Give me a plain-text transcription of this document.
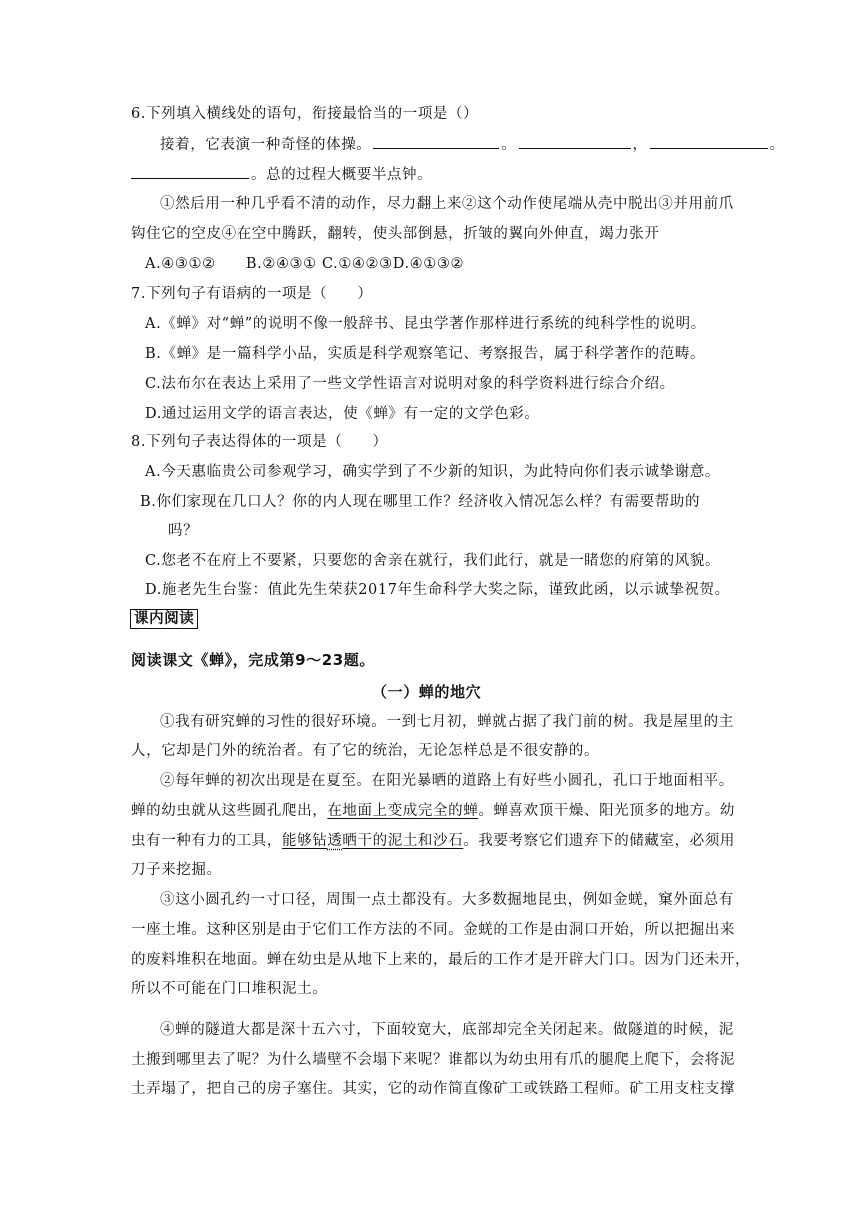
6.下列填入横线处的语句，衔接最恰当的一项是（）
接着，它表演一种奇怪的体操。	。	，	。
。总的过程大概要半点钟。
①然后用一种几乎看不清的动作，尽力翻上来②这个动作使尾端从壳中脱出③并用前爪
钩住它的空皮④在空中腾跃，翻转，使头部倒悬，折皱的翼向外伸直，竭力张开
A.④③①②　　B.②④③① C.①④②③D.④①③②
7.下列句子有语病的一项是（　　）
A.《蝉》对“蝉”的说明不像一般辞书、昆虫学著作那样进行系统的纯科学性的说明。
B.《蝉》是一篇科学小品，实质是科学观察笔记、考察报告，属于科学著作的范畴。
C.法布尔在表达上采用了一些文学性语言对说明对象的科学资料进行综合介绍。
D.通过运用文学的语言表达，使《蝉》有一定的文学色彩。
8.下列句子表达得体的一项是（　　）
A.今天惠临贵公司参观学习，确实学到了不少新的知识，为此特向你们表示诚挚谢意。
B.你们家现在几口人？你的内人现在哪里工作？经济收入情况怎么样？有需要帮助的
吗？
C.您老不在府上不要紧，只要您的舍亲在就行，我们此行，就是一睹您的府第的风貌。
D.施老先生台鉴：值此先生荣获2017年生命科学大奖之际，谨致此函，以示诚挚祝贺。
课内阅读
阅读课文《蝉》，完成第9～23题。
（一）蝉的地穴
①我有研究蝉的习性的很好环境。一到七月初，蝉就占据了我门前的树。我是屋里的主
人，它却是门外的统治者。有了它的统治，无论怎样总是不很安静的。
②每年蝉的初次出现是在夏至。在阳光暴晒的道路上有好些小圆孔，孔口于地面相平。
蝉的幼虫就从这些圆孔爬出，在地面上变成完全的蝉。蝉喜欢顶干燥、阳光顶多的地方。幼
虫有一种有力的工具，能够钻透晒干的泥土和沙石。我要考察它们遗弃下的储藏室，必须用
刀子来挖掘。
③这小圆孔约一寸口径，周围一点土都没有。大多数掘地昆虫，例如金蜣，窠外面总有
一座土堆。这种区别是由于它们工作方法的不同。金蜣的工作是由洞口开始，所以把掘出来
的废料堆积在地面。蝉在幼虫是从地下上来的，最后的工作才是开辟大门口。因为门还未开，
所以不可能在门口堆积泥土。
④蝉的隧道大都是深十五六寸，下面较宽大，底部却完全关闭起来。做隧道的时候，泥
土搬到哪里去了呢？为什么墙壁不会塌下来呢？谁都以为幼虫用有爪的腿爬上爬下，会将泥
土弄塌了，把自己的房子塞住。其实，它的动作简直像矿工或铁路工程师。矿工用支柱支撑
